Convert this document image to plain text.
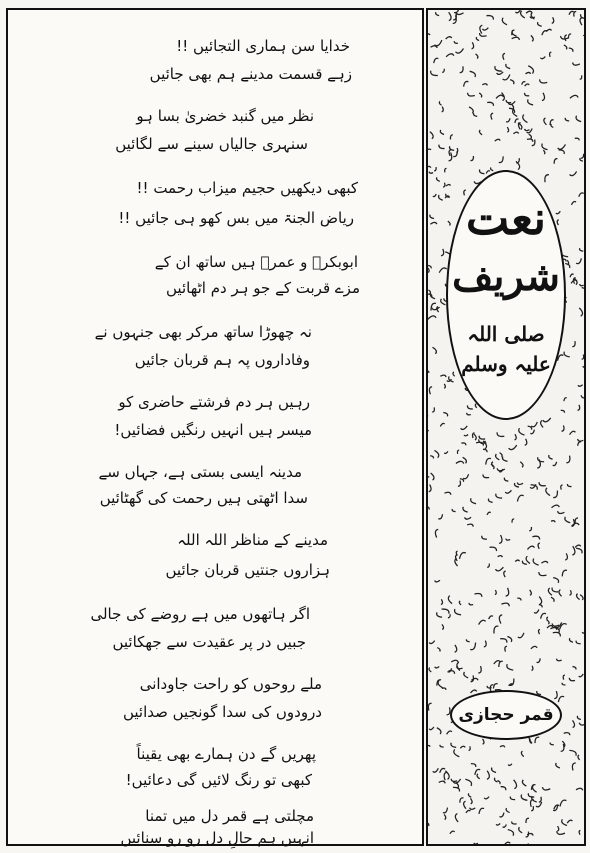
خدایا سن ہماری التجائیں !!
زہے قسمت مدینے ہم بھی جائیں
نظر میں گنبد خضریٰ بسا ہو
سنہری جالیاں سینے سے لگائیں
کبھی دیکھیں حجیم میزاب رحمت !!
ریاض الجنۃ میں بس کھو ہی جائیں !!
ابوبکرؓ و عمرؓ ہیں ساتھ ان کے
مزے قربت کے جو ہر دم اٹھائیں
نہ چھوڑا ساتھ مرکر بھی جنہوں نے
وفاداروں پہ ہم قربان جائیں
رہیں ہر دم فرشتے حاضری کو
میسر ہیں انہیں رنگیں فضائیں!
مدینہ ایسی بستی ہے، جہاں سے
سدا اٹھتی ہیں رحمت کی گھٹائیں
مدینے کے مناظر اللہ اللہ
ہزاروں جنتیں قربان جائیں
اگر ہاتھوں میں ہے روضے کی جالی
جبیں در پر عقیدت سے جھکائیں
ملے روحوں کو راحت جاودانی
درودوں کی سدا گونجیں صدائیں
پھریں گے دن ہمارے بھی یقیناً
کبھی تو رنگ لائیں گی دعائیں!
مچلتی ہے قمر دل میں تمنا
انہیں ہم حالِ دل رو رو سنائیں
نعت
شریف
صلی اللہ
علیہ وسلم
قمر حجازی
